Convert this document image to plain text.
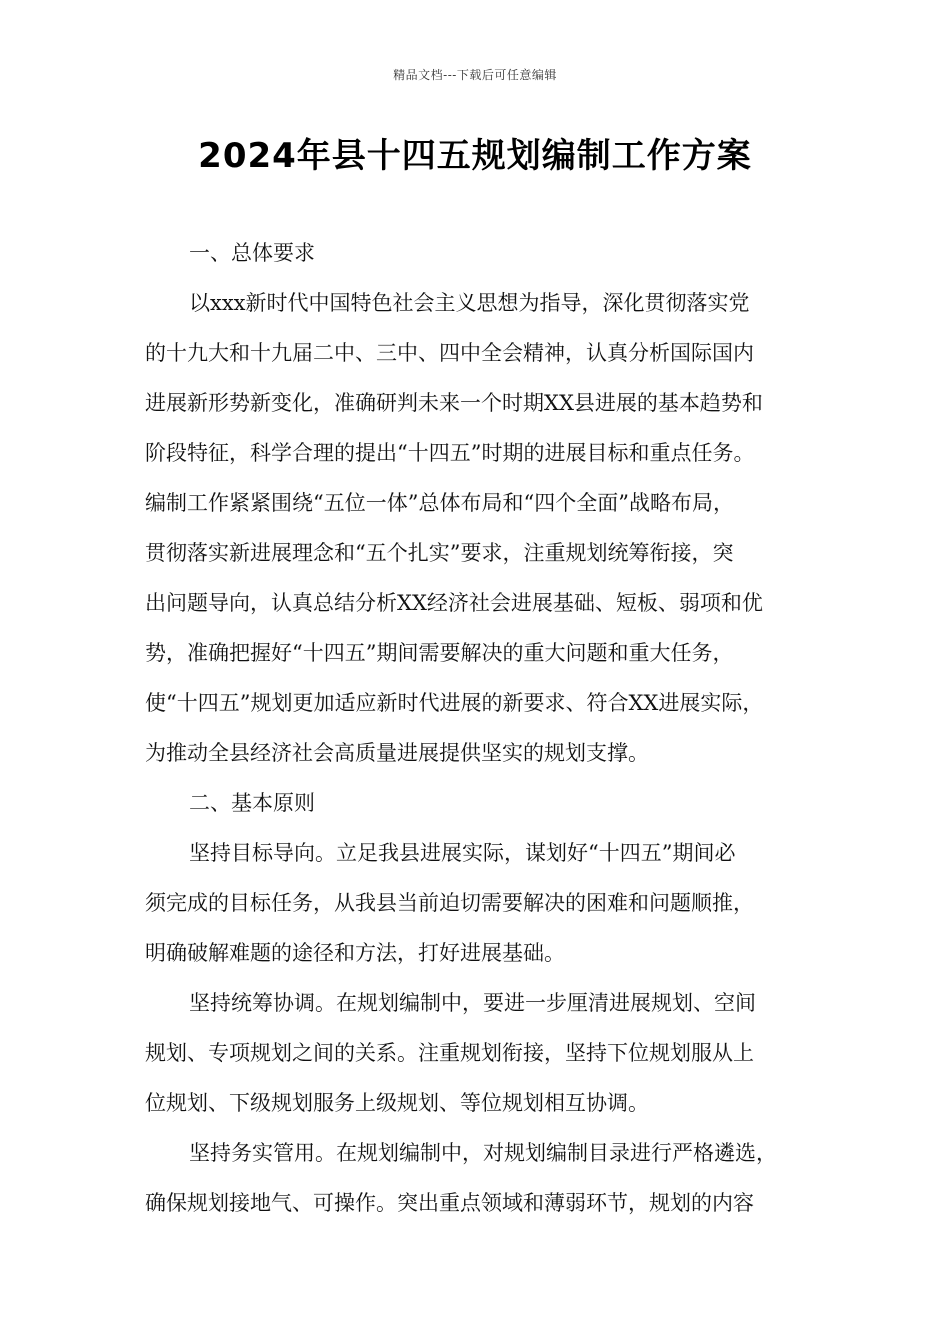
精品文档---下载后可任意编辑
2024年县十四五规划编制工作方案
一、总体要求
以xxx新时代中国特色社会主义思想为指导，深化贯彻落实党
的十九大和十九届二中、三中、四中全会精神，认真分析国际国内
进展新形势新变化，准确研判未来一个时期XX县进展的基本趋势和
阶段特征，科学合理的提出“十四五”时期的进展目标和重点任务。
编制工作紧紧围绕“五位一体”总体布局和“四个全面”战略布局，
贯彻落实新进展理念和“五个扎实”要求，注重规划统筹衔接，突
出问题导向，认真总结分析XX经济社会进展基础、短板、弱项和优
势，准确把握好“十四五”期间需要解决的重大问题和重大任务，
使“十四五”规划更加适应新时代进展的新要求、符合XX进展实际，
为推动全县经济社会高质量进展提供坚实的规划支撑。
二、基本原则
坚持目标导向。立足我县进展实际，谋划好“十四五”期间必
须完成的目标任务，从我县当前迫切需要解决的困难和问题顺推，
明确破解难题的途径和方法，打好进展基础。
坚持统筹协调。在规划编制中，要进一步厘清进展规划、空间
规划、专项规划之间的关系。注重规划衔接，坚持下位规划服从上
位规划、下级规划服务上级规划、等位规划相互协调。
坚持务实管用。在规划编制中，对规划编制目录进行严格遴选，
确保规划接地气、可操作。突出重点领域和薄弱环节，规划的内容
